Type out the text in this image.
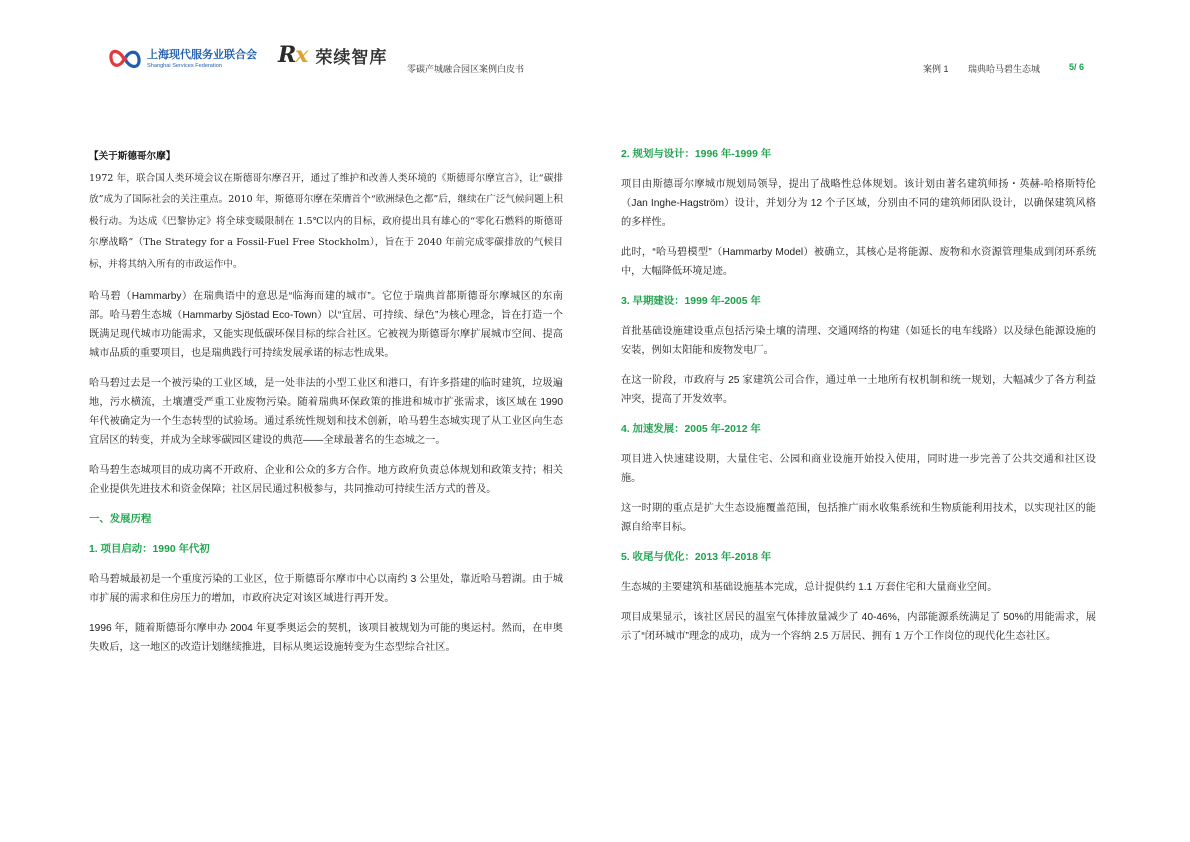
上海现代服务业联合会
Shanghai Services Federation	Rx 荣续智库
零碳产城融合园区案例白皮书	案例 1 瑞典哈马碧生态城	5/ 6
【关于斯德哥尔摩】
1972 年，联合国人类环境会议在斯德哥尔摩召开，通过了维护和改善人类环境的《斯德哥尔摩宣言》，让“碳排放”成为了国际社会的关注重点。2010 年，斯德哥尔摩在荣膺首个“欧洲绿色之都”后，继续在广泛气候问题上积极行动。为达成《巴黎协定》将全球变暖限制在 1.5℃以内的目标，政府提出具有雄心的“零化石燃料的斯德哥尔摩战略”（The Strategy for a Fossil-Fuel Free Stockholm），旨在于 2040 年前完成零碳排放的气候目标，并将其纳入所有的市政运作中。
哈马碧（Hammarby）在瑞典语中的意思是“临海而建的城市”。它位于瑞典首都斯德哥尔摩城区的东南部。哈马碧生态城（Hammarby Sjöstad Eco-Town）以“宜居、可持续、绿色”为核心理念，旨在打造一个既满足现代城市功能需求，又能实现低碳环保目标的综合社区。它被视为斯德哥尔摩扩展城市空间、提高城市品质的重要项目，也是瑞典践行可持续发展承诺的标志性成果。
哈马碧过去是一个被污染的工业区域，是一处非法的小型工业区和港口，有许多搭建的临时建筑，垃圾遍地，污水横流，土壤遭受严重工业废物污染。随着瑞典环保政策的推进和城市扩张需求，该区域在 1990 年代被确定为一个生态转型的试验场。通过系统性规划和技术创新，哈马碧生态城实现了从工业区向生态宜居区的转变，并成为全球零碳园区建设的典范——全球最著名的生态城之一。
哈马碧生态城项目的成功离不开政府、企业和公众的多方合作。地方政府负责总体规划和政策支持；相关企业提供先进技术和资金保障；社区居民通过积极参与，共同推动可持续生活方式的普及。
一、发展历程
1. 项目启动：1990 年代初
哈马碧城最初是一个重度污染的工业区，位于斯德哥尔摩市中心以南约 3 公里处，靠近哈马碧湖。由于城市扩展的需求和住房压力的增加，市政府决定对该区域进行再开发。
1996 年，随着斯德哥尔摩申办 2004 年夏季奥运会的契机，该项目被规划为可能的奥运村。然而，在申奥失败后，这一地区的改造计划继续推进，目标从奥运设施转变为生态型综合社区。
2. 规划与设计：1996 年-1999 年
项目由斯德哥尔摩城市规划局领导，提出了战略性总体规划。该计划由著名建筑师扬・英赫-哈格斯特伦（Jan Inghe-Hagström）设计，并划分为 12 个子区域，分别由不同的建筑师团队设计，以确保建筑风格的多样性。
此时，“哈马碧模型”（Hammarby Model）被确立，其核心是将能源、废物和水资源管理集成到闭环系统中，大幅降低环境足迹。
3. 早期建设：1999 年-2005 年
首批基础设施建设重点包括污染土壤的清理、交通网络的构建（如延长的电车线路）以及绿色能源设施的安装，例如太阳能和废物发电厂。
在这一阶段，市政府与 25 家建筑公司合作，通过单一土地所有权机制和统一规划，大幅减少了各方利益冲突，提高了开发效率。
4. 加速发展：2005 年-2012 年
项目进入快速建设期，大量住宅、公园和商业设施开始投入使用，同时进一步完善了公共交通和社区设施。
这一时期的重点是扩大生态设施覆盖范围，包括推广雨水收集系统和生物质能利用技术，以实现社区的能源自给率目标。
5. 收尾与优化：2013 年-2018 年
生态城的主要建筑和基础设施基本完成，总计提供约 1.1 万套住宅和大量商业空间。
项目成果显示，该社区居民的温室气体排放量减少了 40-46%，内部能源系统满足了 50%的用能需求，展示了“闭环城市”理念的成功，成为一个容纳 2.5 万居民、拥有 1 万个工作岗位的现代化生态社区。
